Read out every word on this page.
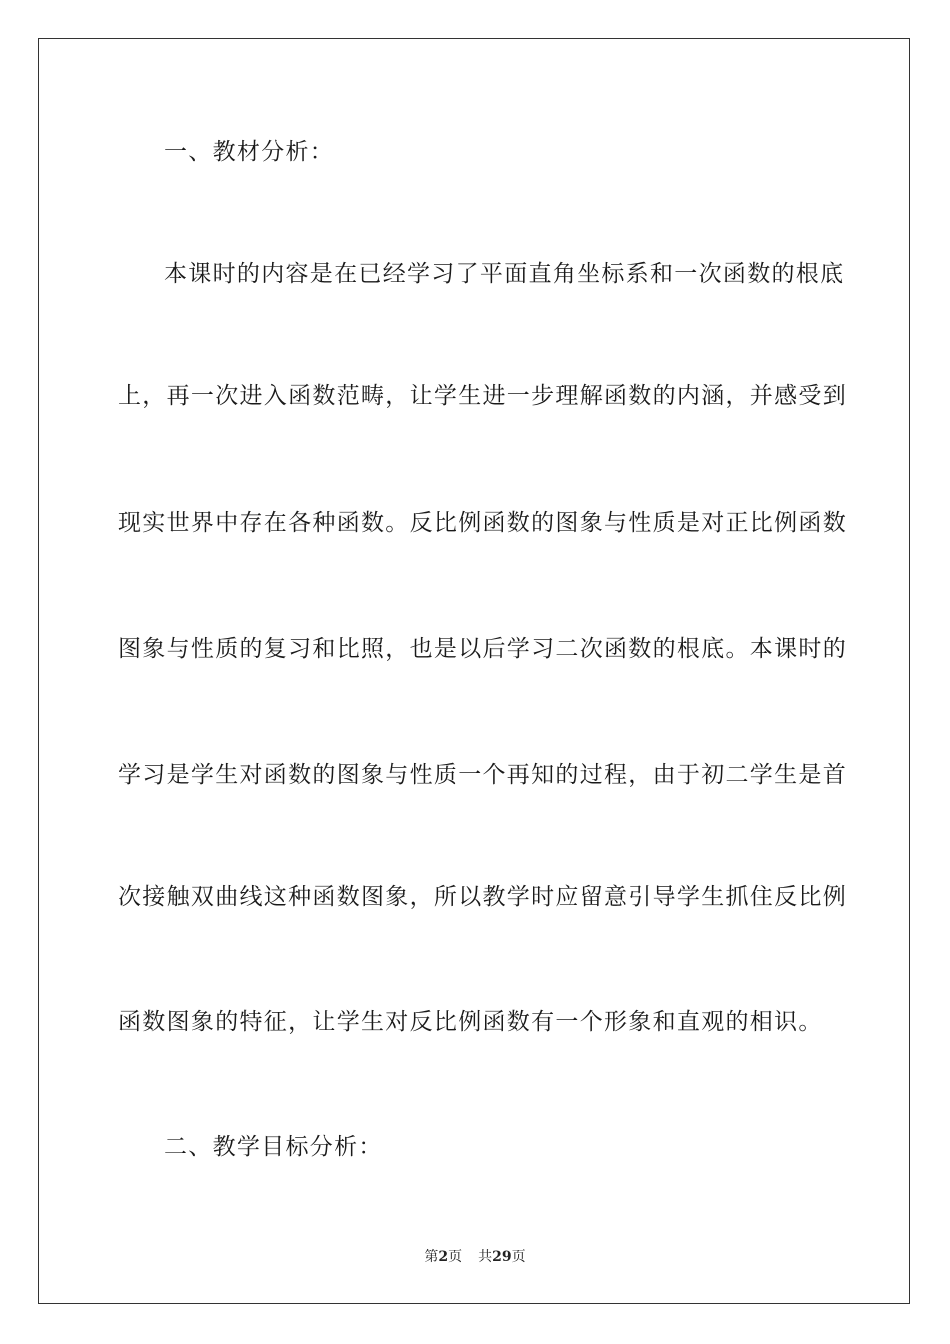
一、教材分析：
本课时的内容是在已经学习了平面直角坐标系和一次函数的根底
上，再一次进入函数范畴，让学生进一步理解函数的内涵，并感受到
现实世界中存在各种函数。反比例函数的图象与性质是对正比例函数
图象与性质的复习和比照，也是以后学习二次函数的根底。本课时的
学习是学生对函数的图象与性质一个再知的过程，由于初二学生是首
次接触双曲线这种函数图象，所以教学时应留意引导学生抓住反比例
函数图象的特征，让学生对反比例函数有一个形象和直观的相识。
二、教学目标分析：
第2页 共29页
